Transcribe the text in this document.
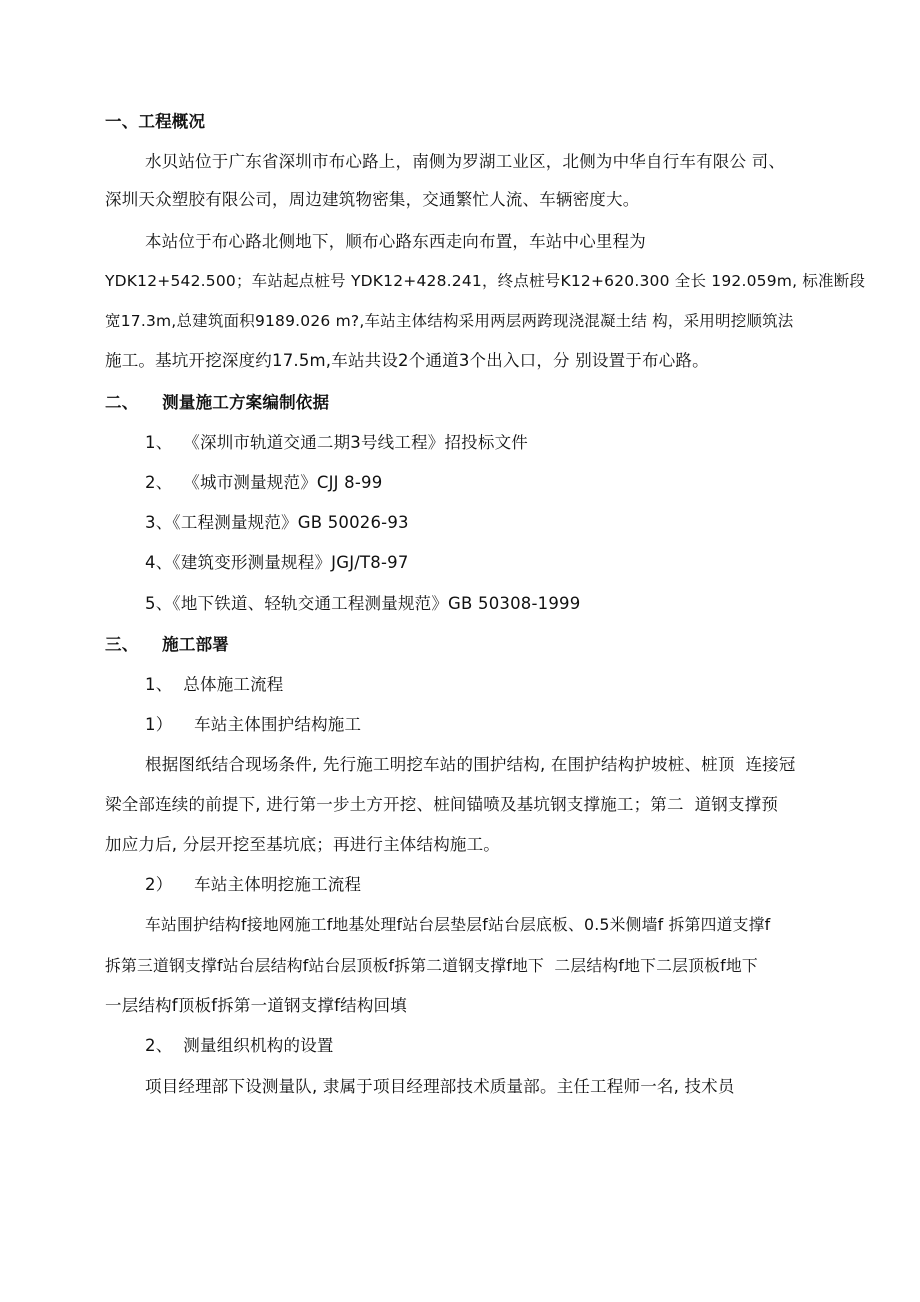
一、工程概况
水贝站位于广东省深圳市布心路上，南侧为罗湖工业区，北侧为中华自行车有限公 司、
深圳天众塑胶有限公司，周边建筑物密集，交通繁忙人流、车辆密度大。
本站位于布心路北侧地下，顺布心路东西走向布置，车站中心里程为
YDK12+542.500；车站起点桩号 YDK12+428.241，终点桩号K12+620.300 全长 192.059m, 标准断段
宽17.3m,总建筑面积9189.026 m?,车站主体结构采用两层两跨现浇混凝土结 构，采用明挖顺筑法
施工。基坑开挖深度约17.5m,车站共设2个通道3个出入口，分 别设置于布心路。
二、    测量施工方案编制依据
1、  《深圳市轨道交通二期3号线工程》招投标文件
2、  《城市测量规范》CJJ 8-99
3、《工程测量规范》GB 50026-93
4、《建筑变形测量规程》JGJ/T8-97
5、《地下铁道、轻轨交通工程测量规范》GB 50308-1999
三、    施工部署
1、  总体施工流程
1）    车站主体围护结构施工
根据图纸结合现场条件, 先行施工明挖车站的围护结构, 在围护结构护坡桩、桩顶  连接冠
梁全部连续的前提下, 进行第一步土方开挖、桩间锚喷及基坑钢支撑施工；第二  道钢支撑预
加应力后, 分层开挖至基坑底；再进行主体结构施工。
2）    车站主体明挖施工流程
车站围护结构f接地网施工f地基处理f站台层垫层f站台层底板、0.5米侧墙f 拆第四道支撑f
拆第三道钢支撑f站台层结构f站台层顶板f拆第二道钢支撑f地下  二层结构f地下二层顶板f地下
一层结构f顶板f拆第一道钢支撑f结构回填
2、  测量组织机构的设置
项目经理部下设测量队, 隶属于项目经理部技术质量部。主任工程师一名, 技术员
